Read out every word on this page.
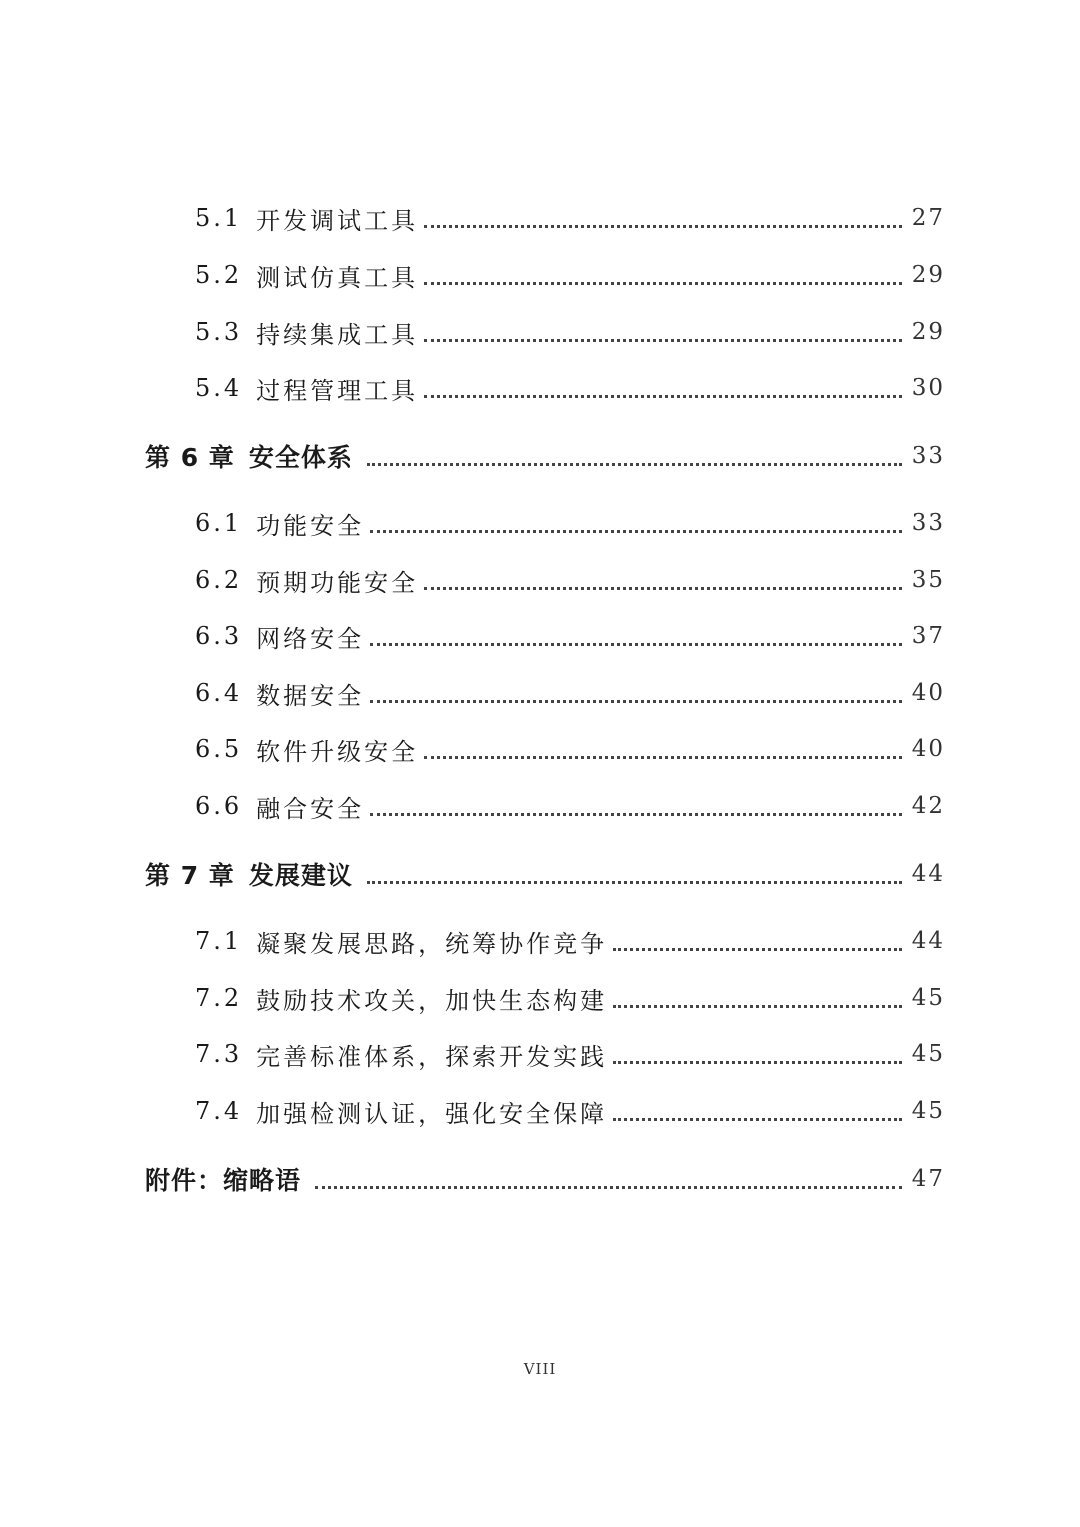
5.1 开发调试工具	27
5.2 测试仿真工具	29
5.3 持续集成工具	29
5.4 过程管理工具	30
第 6 章 安全体系	33
6.1 功能安全	33
6.2 预期功能安全	35
6.3 网络安全	37
6.4 数据安全	40
6.5 软件升级安全	40
6.6 融合安全	42
第 7 章 发展建议	44
7.1 凝聚发展思路，统筹协作竞争	44
7.2 鼓励技术攻关，加快生态构建	45
7.3 完善标准体系，探索开发实践	45
7.4 加强检测认证，强化安全保障	45
附件：缩略语	47
VIII
